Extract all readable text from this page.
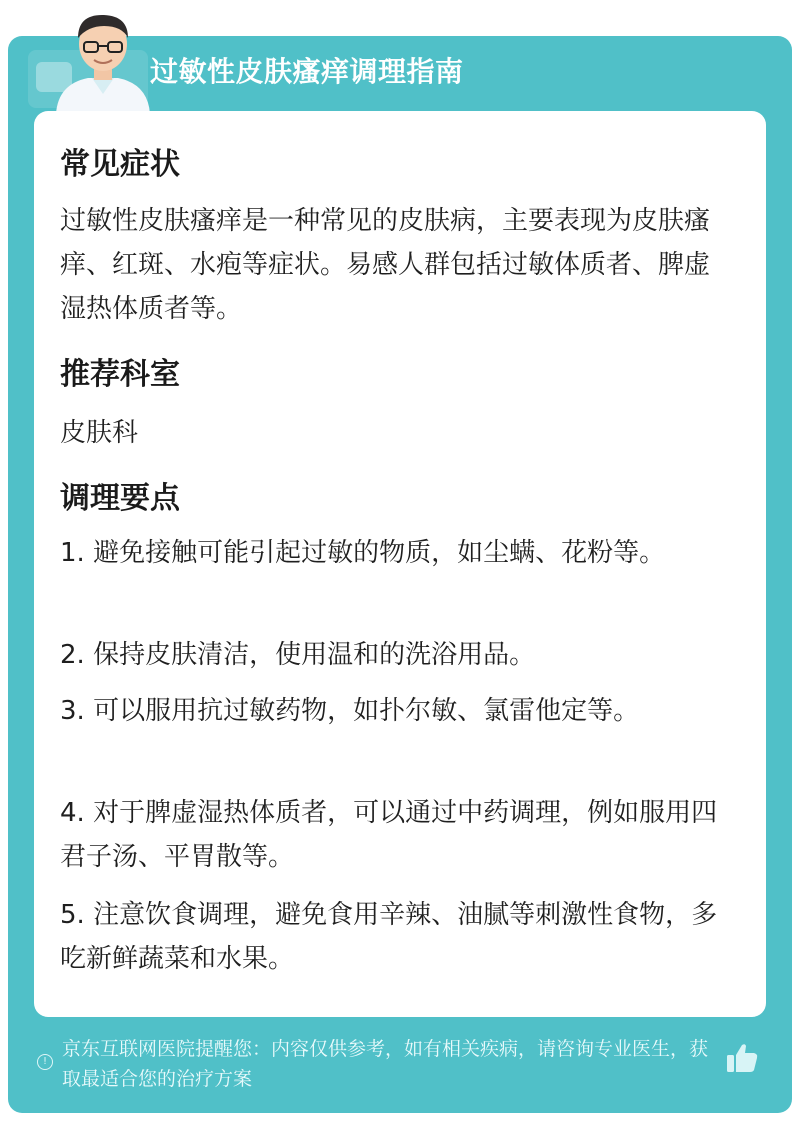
过敏性皮肤瘙痒调理指南
常见症状
过敏性皮肤瘙痒是一种常见的皮肤病，主要表现为皮肤瘙痒、红斑、水疱等症状。易感人群包括过敏体质者、脾虚湿热体质者等。
推荐科室
皮肤科
调理要点
1. 避免接触可能引起过敏的物质，如尘螨、花粉等。
2. 保持皮肤清洁，使用温和的洗浴用品。
3. 可以服用抗过敏药物，如扑尔敏、氯雷他定等。
4. 对于脾虚湿热体质者，可以通过中药调理，例如服用四君子汤、平胃散等。
5. 注意饮食调理，避免食用辛辣、油腻等刺激性食物，多吃新鲜蔬菜和水果。
!
京东互联网医院提醒您：内容仅供参考，如有相关疾病，请咨询专业医生，获取最适合您的治疗方案
